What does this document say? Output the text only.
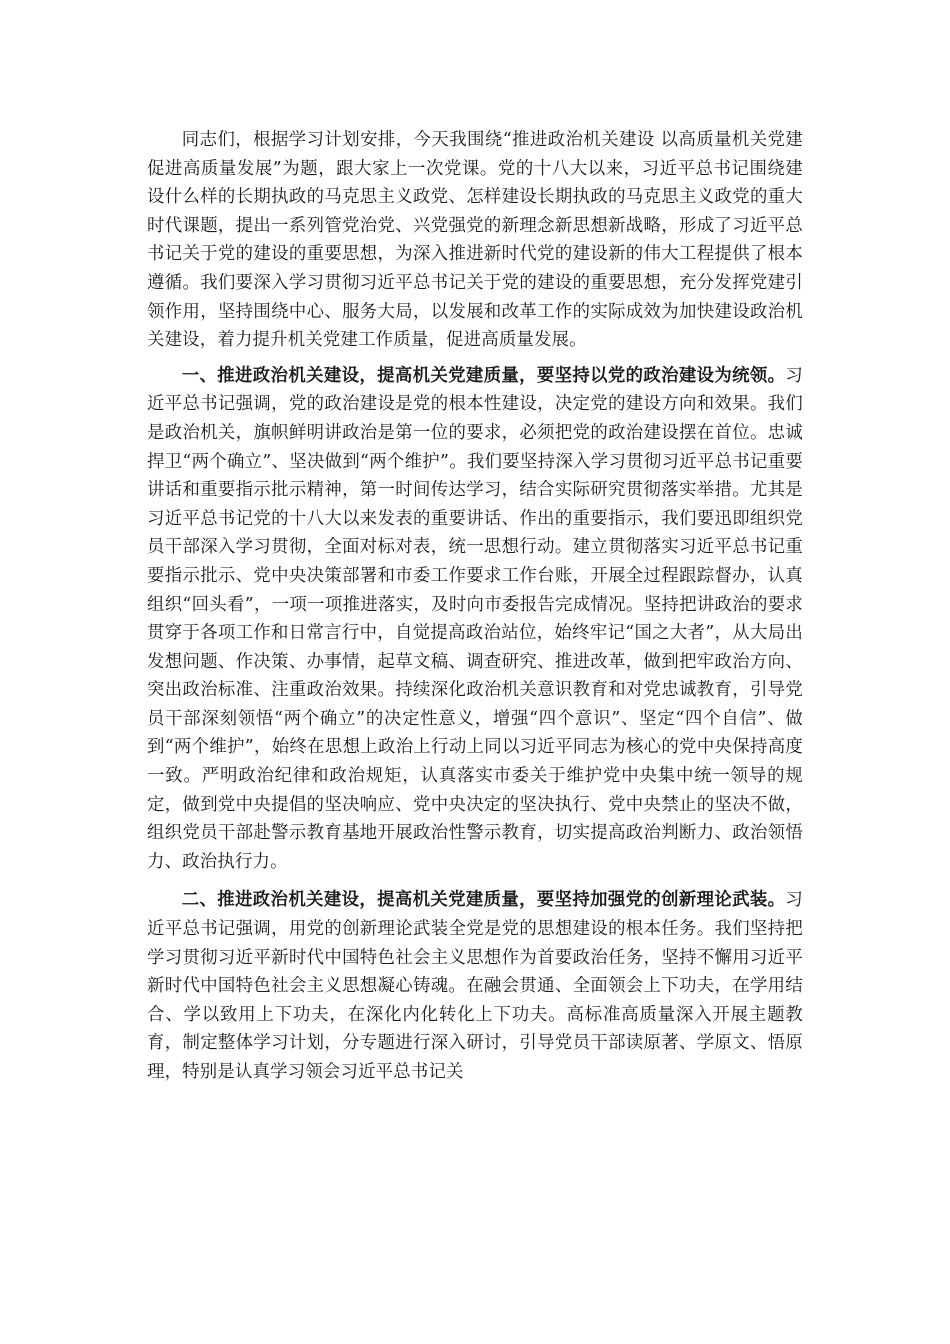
同志们，根据学习计划安排，今天我围绕“推进政治机关建设 以高质量机关党建促进高质量发展”为题，跟大家上一次党课。党的十八大以来，习近平总书记围绕建设什么样的长期执政的马克思主义政党、怎样建设长期执政的马克思主义政党的重大时代课题，提出一系列管党治党、兴党强党的新理念新思想新战略，形成了习近平总书记关于党的建设的重要思想，为深入推进新时代党的建设新的伟大工程提供了根本遵循。我们要深入学习贯彻习近平总书记关于党的建设的重要思想，充分发挥党建引领作用，坚持围绕中心、服务大局，以发展和改革工作的实际成效为加快建设政治机关建设，着力提升机关党建工作质量，促进高质量发展。

一、推进政治机关建设，提高机关党建质量，要坚持以党的政治建设为统领。习近平总书记强调，党的政治建设是党的根本性建设，决定党的建设方向和效果。我们是政治机关，旗帜鲜明讲政治是第一位的要求，必须把党的政治建设摆在首位。忠诚捍卫“两个确立”、坚决做到“两个维护”。我们要坚持深入学习贯彻习近平总书记重要讲话和重要指示批示精神，第一时间传达学习，结合实际研究贯彻落实举措。尤其是习近平总书记党的十八大以来发表的重要讲话、作出的重要指示，我们要迅即组织党员干部深入学习贯彻，全面对标对表，统一思想行动。建立贯彻落实习近平总书记重要指示批示、党中央决策部署和市委工作要求工作台账，开展全过程跟踪督办，认真组织“回头看”，一项一项推进落实，及时向市委报告完成情况。坚持把讲政治的要求贯穿于各项工作和日常言行中，自觉提高政治站位，始终牢记“国之大者”，从大局出发想问题、作决策、办事情，起草文稿、调查研究、推进改革，做到把牢政治方向、突出政治标准、注重政治效果。持续深化政治机关意识教育和对党忠诚教育，引导党员干部深刻领悟“两个确立”的决定性意义，增强“四个意识”、坚定“四个自信”、做到“两个维护”，始终在思想上政治上行动上同以习近平同志为核心的党中央保持高度一致。严明政治纪律和政治规矩，认真落实市委关于维护党中央集中统一领导的规定，做到党中央提倡的坚决响应、党中央决定的坚决执行、党中央禁止的坚决不做，组织党员干部赴警示教育基地开展政治性警示教育，切实提高政治判断力、政治领悟力、政治执行力。

二、推进政治机关建设，提高机关党建质量，要坚持加强党的创新理论武装。习近平总书记强调，用党的创新理论武装全党是党的思想建设的根本任务。我们坚持把学习贯彻习近平新时代中国特色社会主义思想作为首要政治任务，坚持不懈用习近平新时代中国特色社会主义思想凝心铸魂。在融会贯通、全面领会上下功夫，在学用结合、学以致用上下功夫，在深化内化转化上下功夫。高标准高质量深入开展主题教育，制定整体学习计划，分专题进行深入研讨，引导党员干部读原著、学原文、悟原理，特别是认真学习领会习近平总书记关
